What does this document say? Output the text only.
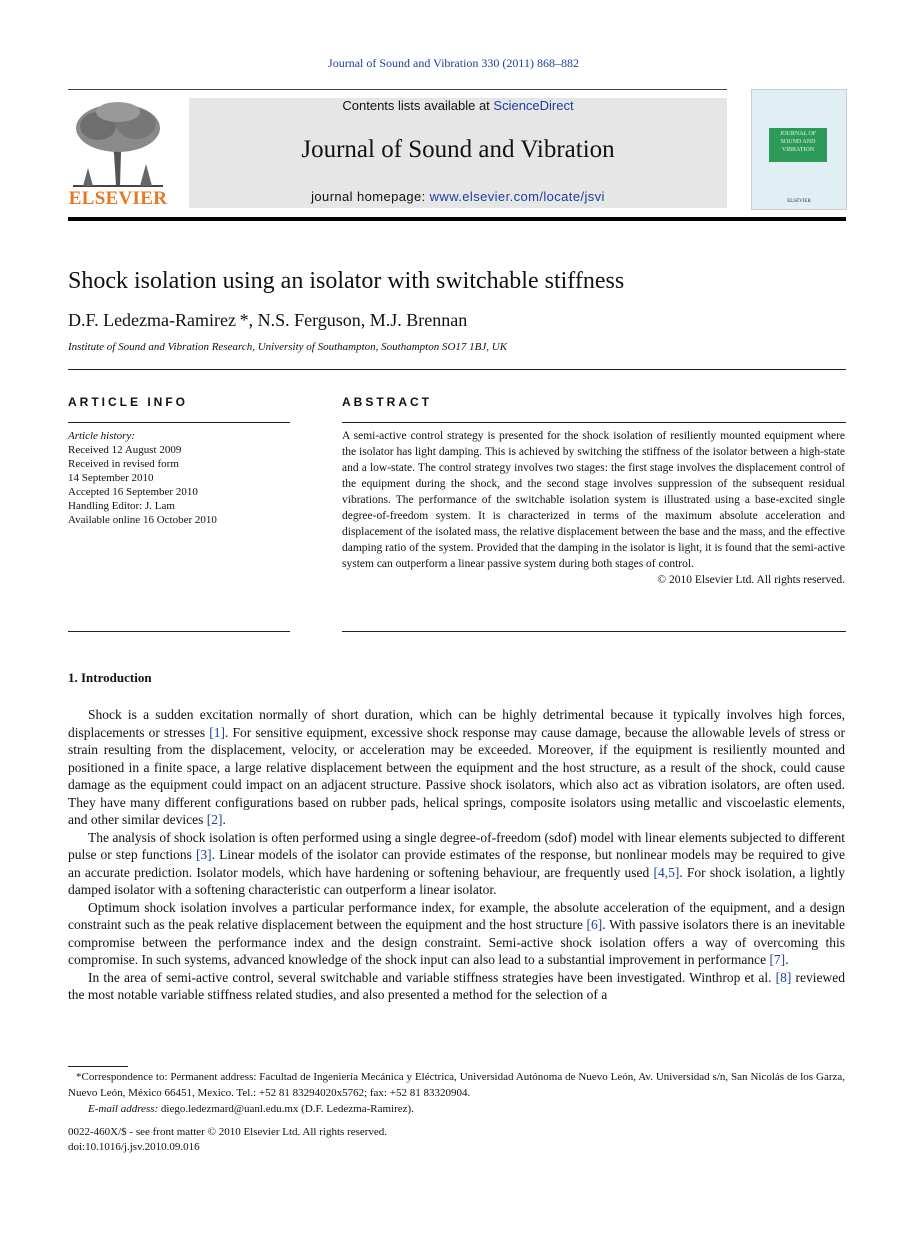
Journal of Sound and Vibration 330 (2011) 868–882
ELSEVIER
Contents lists available at ScienceDirect
Journal of Sound and Vibration
journal homepage: www.elsevier.com/locate/jsvi
JOURNAL OF SOUND AND VIBRATION
ELSEVIER
Shock isolation using an isolator with switchable stiffness
D.F. Ledezma-Ramirez *, N.S. Ferguson, M.J. Brennan
Institute of Sound and Vibration Research, University of Southampton, Southampton SO17 1BJ, UK
ARTICLE INFO
Article history:
Received 12 August 2009
Received in revised form
14 September 2010
Accepted 16 September 2010
Handling Editor: J. Lam
Available online 16 October 2010
ABSTRACT
A semi-active control strategy is presented for the shock isolation of resiliently mounted equipment where the isolator has light damping. This is achieved by switching the stiffness of the isolator between a high-state and a low-state. The control strategy involves two stages: the first stage involves the displacement control of the equipment during the shock, and the second stage involves suppression of the subsequent residual vibrations. The performance of the switchable isolation system is illustrated using a base-excited single degree-of-freedom system. It is characterized in terms of the maximum absolute acceleration and displacement of the isolated mass, the relative displacement between the base and the mass, and the effective damping ratio of the system. Provided that the damping in the isolator is light, it is found that the semi-active system can outperform a linear passive system during both stages of control.
© 2010 Elsevier Ltd. All rights reserved.
1. Introduction

Shock is a sudden excitation normally of short duration, which can be highly detrimental because it typically involves high forces, displacements or stresses [1]. For sensitive equipment, excessive shock response may cause damage, because the allowable levels of stress or strain resulting from the displacement, velocity, or acceleration may be exceeded. Moreover, if the equipment is resiliently mounted and positioned in a finite space, a large relative displacement between the equipment and the host structure, as a result of the shock, could cause damage as the equipment could impact on an adjacent structure. Passive shock isolators, which also act as vibration isolators, are often used. They have many different configurations based on rubber pads, helical springs, composite isolators using metallic and viscoelastic elements, and other similar devices [2].

The analysis of shock isolation is often performed using a single degree-of-freedom (sdof) model with linear elements subjected to different pulse or step functions [3]. Linear models of the isolator can provide estimates of the response, but nonlinear models may be required to give an accurate prediction. Isolator models, which have hardening or softening behaviour, are frequently used [4,5]. For shock isolation, a lightly damped isolator with a softening characteristic can outperform a linear isolator.

Optimum shock isolation involves a particular performance index, for example, the absolute acceleration of the equipment, and a design constraint such as the peak relative displacement between the equipment and the host structure [6]. With passive isolators there is an inevitable compromise between the performance index and the design constraint. Semi-active shock isolation offers a way of overcoming this compromise. In such systems, advanced knowledge of the shock input can also lead to a substantial improvement in performance [7].

In the area of semi-active control, several switchable and variable stiffness strategies have been investigated. Winthrop et al. [8] reviewed the most notable variable stiffness related studies, and also presented a method for the selection of a

*Correspondence to: Permanent address: Facultad de Ingeniería Mecánica y Eléctrica, Universidad Autónoma de Nuevo León, Av. Universidad s/n, San Nicolás de los Garza, Nuevo León, México 66451, Mexico. Tel.: +52 81 83294020x5762; fax: +52 81 83320904.

E-mail address: diego.ledezmard@uanl.edu.mx (D.F. Ledezma-Ramirez).

0022-460X/$ - see front matter © 2010 Elsevier Ltd. All rights reserved.
doi:10.1016/j.jsv.2010.09.016
